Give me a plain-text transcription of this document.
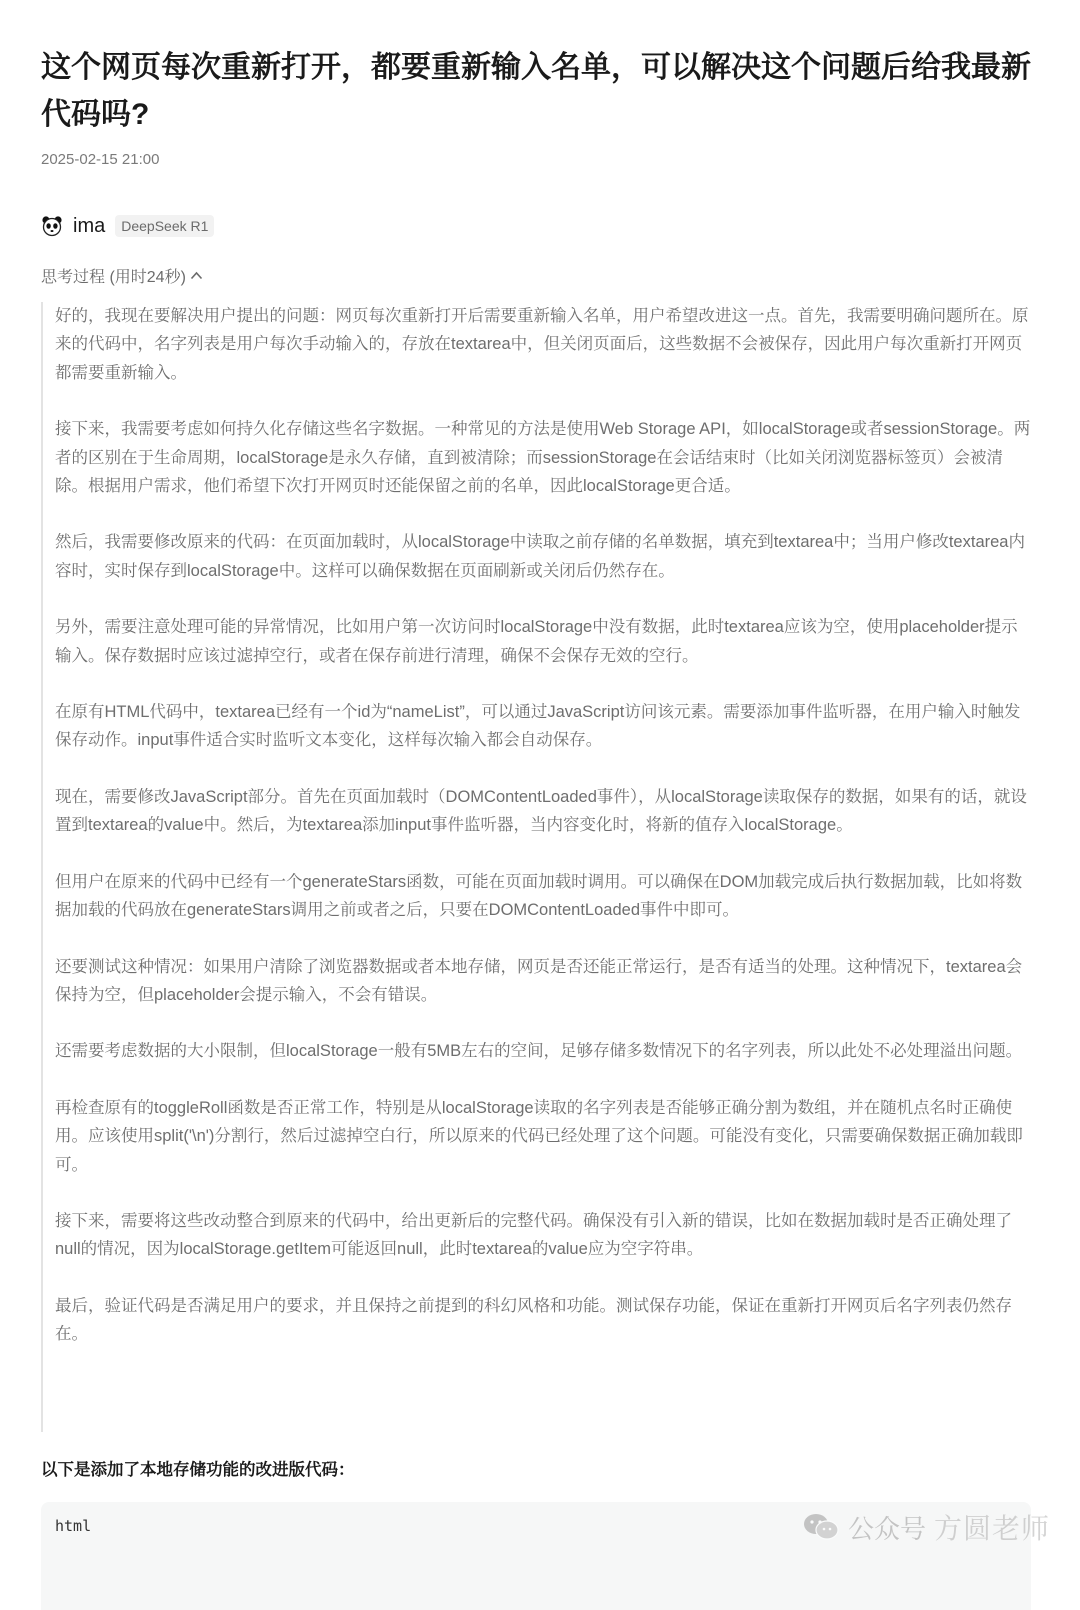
这个网页每次重新打开，都要重新输入名单，可以解决这个问题后给我最新代码吗?
2025-02-15 21:00
ima	DeepSeek R1
思考过程 (用时24秒)

好的，我现在要解决用户提出的问题：网页每次重新打开后需要重新输入名单，用户希望改进这一点。首先，我需要明确问题所在。原来的代码中，名字列表是用户每次手动输入的，存放在textarea中，但关闭页面后，这些数据不会被保存，因此用户每次重新打开网页都需要重新输入。

接下来，我需要考虑如何持久化存储这些名字数据。一种常见的方法是使用Web Storage API，如localStorage或者sessionStorage。两者的区别在于生命周期，localStorage是永久存储，直到被清除；而sessionStorage在会话结束时（比如关闭浏览器标签页）会被清除。根据用户需求，他们希望下次打开网页时还能保留之前的名单，因此localStorage更合适。

然后，我需要修改原来的代码：在页面加载时，从localStorage中读取之前存储的名单数据，填充到textarea中；当用户修改textarea内容时，实时保存到localStorage中。这样可以确保数据在页面刷新或关闭后仍然存在。

另外，需要注意处理可能的异常情况，比如用户第一次访问时localStorage中没有数据，此时textarea应该为空，使用placeholder提示输入。保存数据时应该过滤掉空行，或者在保存前进行清理，确保不会保存无效的空行。

在原有HTML代码中，textarea已经有一个id为“nameList”，可以通过JavaScript访问该元素。需要添加事件监听器，在用户输入时触发保存动作。input事件适合实时监听文本变化，这样每次输入都会自动保存。

现在，需要修改JavaScript部分。首先在页面加载时（DOMContentLoaded事件），从localStorage读取保存的数据，如果有的话，就设置到textarea的value中。然后，为textarea添加input事件监听器，当内容变化时，将新的值存入localStorage。

但用户在原来的代码中已经有一个generateStars函数，可能在页面加载时调用。可以确保在DOM加载完成后执行数据加载，比如将数据加载的代码放在generateStars调用之前或者之后，只要在DOMContentLoaded事件中即可。

还要测试这种情况：如果用户清除了浏览器数据或者本地存储，网页是否还能正常运行，是否有适当的处理。这种情况下，textarea会保持为空，但placeholder会提示输入，不会有错误。

还需要考虑数据的大小限制，但localStorage一般有5MB左右的空间，足够存储多数情况下的名字列表，所以此处不必处理溢出问题。

再检查原有的toggleRoll函数是否正常工作，特别是从localStorage读取的名字列表是否能够正确分割为数组，并在随机点名时正确使用。应该使用split('\n')分割行，然后过滤掉空白行，所以原来的代码已经处理了这个问题。可能没有变化，只需要确保数据正确加载即可。

接下来，需要将这些改动整合到原来的代码中，给出更新后的完整代码。确保没有引入新的错误，比如在数据加载时是否正确处理了null的情况，因为localStorage.getItem可能返回null，此时textarea的value应为空字符串。

最后，验证代码是否满足用户的要求，并且保持之前提到的科幻风格和功能。测试保存功能，保证在重新打开网页后名字列表仍然存在。

以下是添加了本地存储功能的改进版代码：
html	公众号 方圆老师
